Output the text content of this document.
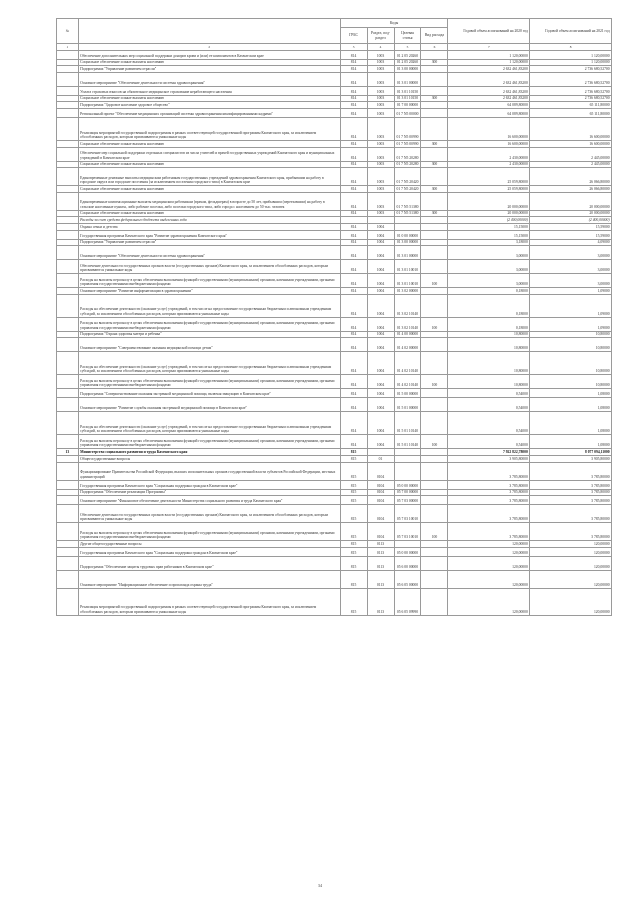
№		Коды				Годовой объем ассигнований на 2020 год	Годовой объем ассигнований на 2021 год
		ГРБС	Раздел, под-раздел	Целевая статья	Вид расхода		
1	2	3	4	5	6	7	8
	Обеспечение дополнительных мер социальной поддержки доноров крови и (или) ее компонентов в Камчатском крае	814	1003	01 2 05 20260		1 120,00000	1 120,00000
	Социальное обеспечение и иные выплаты населению	814	1003	01 2 05 20260	300	1 120,00000	1 120,00000
	Подпрограмма "Управление развитием отрасли"	814	1003	01 3 00 00000		2 632 461,83200	2 736 680,52700
	Основное мероприятие "Обеспечение деятельности системы здравоохранения"	814	1003	01 3 01 00000		2 632 461,83200	2 736 680,52700
	Уплата страховых взносов на обязательное медицинское страхование неработающего населения	814	1003	01 3 01 10150		2 632 461,83200	2 736 680,52700
	Социальное обеспечение и иные выплаты населению	814	1003	01 3 01 10150	300	2 632 461,83200	2 736 680,52700
	Подпрограмма "Здоровое население здоровое общество"	814	1003	01 7 00 00000		64 089,80000	65 111,80000
	Региональный проект "Обеспечение медицинских организаций системы здравоохранения квалифицированными кадрами"	814	1003	01 7 N5 00000		64 089,80000	65 111,80000
	Реализация мероприятий государственной подпрограммы в рамках соответствующей государственной программы Камчатского края, за исключением обособленных расходов, которым присваиваются уникальные коды	814	1003	01 7 N5 00990		16 600,00000	16 600,00000
	Социальное обеспечение и иные выплаты населению	814	1003	01 7 N5 00990	300	16 600,00000	16 600,00000
	Обеспечение мер социальной поддержки отдельных специалистов из числа учителей и врачей государственных учреждений Камчатского края и муниципальных учреждений в Камчатском крае	814	1003	01 7 N5 20280		2 430,00000	2 445,00000
	Социальное обеспечение и иные выплаты населению	814	1003	01 7 N5 20280	300	2 430,00000	2 445,00000
	Единовременные денежные выплаты медицинским работникам государственных учреждений здравоохранения Камчатского края, прибывшим на работу в городские округа или городские поселения (за исключением поселения городского типа) в Камчатском крае	814	1003	01 7 N5 20420		25 059,80000	26 066,80000
	Социальное обеспечение и иные выплаты населению	814	1003	01 7 N5 20420	300	25 059,80000	26 066,80000
	Единовременные компенсационные выплаты медицинским работникам (врачам, фельдшерам) в возрасте до 50 лет, прибывшим (переехавшим) на работу в сельские населенные пункты, либо рабочие поселки, либо поселки городского типа, либо города с населением до 50 тыс. человек	814	1003	01 7 N5 51380		20 000,00000	20 000,00000
	Социальное обеспечение и иные выплаты населению	814	1003	01 7 N5 51380	300	20 000,00000	20 000,00000
	Расходы за счет средств федерального бюджета выделенных года					(2 400,00000)	(2 400,00000)
	Охрана семьи и детства	814	1004			15,15000	15,59000
	Государственная программа Камчатского края "Развитие здравоохранения Камчатского края"	814	1004	01 0 00 00000		15,15000	15,59000
	Подпрограмма "Управление развитием отрасли"	814	1004	01 3 00 00000		3,18000	4,09000
	Основное мероприятие "Обеспечение деятельности системы здравоохранения"	814	1004	01 3 01 00000		3,00000	3,00000
	Обеспечение деятельности государственных органов власти (государственных органов) Камчатского края, за исключением обособленных расходов, которым присваиваются уникальные коды	814	1004	01 3 01 10010		3,00000	3,00000
	Расходы на выплаты персоналу в целях обеспечения выполнения функций государственными (муниципальными) органами, казенными учреждениями, органами управления государственными внебюджетными фондами	814	1004	01 3 01 10010	100	3,00000	3,00000
	Основное мероприятие "Развитие информатизации в здравоохранении"	814	1004	01 3 02 00000		0,18000	1,09000
	Расходы на обеспечение деятельности (оказание услуг) учреждений, в том числе на предоставление государственным бюджетным и автономным учреждениям субсидий, за исключением обособленных расходов, которым присваиваются уникальные коды	814	1004	01 3 02 10140		0,18000	1,09000
	Расходы на выплаты персоналу в целях обеспечения выполнения функций государственными (муниципальными) органами, казенными учреждениями, органами управления государственными внебюджетными фондами	814	1004	01 3 02 10140	100	0,18000	1,09000
	Подпрограмма "Охрана здоровья матери и ребенка"	814	1004	01 4 00 00000		10,80000	10,80000
	Основное мероприятие "Совершенствование оказания медицинской помощи детям"	814	1004	01 4 02 00000		10,80000	10,80000
	Расходы на обеспечение деятельности (оказание услуг) учреждений, в том числе на предоставление государственным бюджетным и автономным учреждениям субсидий, за исключением обособленных расходов, которым присваиваются уникальные коды	814	1004	01 4 02 10140		10,80000	10,80000
	Расходы на выплаты персоналу в целях обеспечения выполнения функций государственными (муниципальными) органами, казенными учреждениями, органами управления государственными внебюджетными фондами	814	1004	01 4 02 10140	100	10,80000	10,80000
	Подпрограмма "Совершенствование оказания экстренной медицинской помощи, включая эвакуацию в Камчатском крае"	814	1004	01 5 00 00000		0,54000	1,08000
	Основное мероприятие "Развитие службы оказания экстренной медицинской помощи в Камчатском крае"	814	1004	01 5 01 00000		0,54000	1,08000
	Расходы на обеспечение деятельности (оказание услуг) учреждений, в том числе на предоставление государственным бюджетным и автономным учреждениям субсидий, за исключением обособленных расходов, которым присваиваются уникальные коды	814	1004	01 5 01 10140		0,54000	1,08000
	Расходы на выплаты персоналу в целях обеспечения выполнения функций государственными (муниципальными) органами, казенными учреждениями, органами управления государственными внебюджетными фондами	814	1004	01 5 01 10140	100	0,54000	1,08000
13	Министерство социального развития и труда Камчатского края	815				7 922 822,78000	8 077 094,11000
	Общегосударственные вопросы	815	01			3 905,80000	3 905,80000
	Функционирование Правительства Российской Федерации, высших исполнительных органов государственной власти субъектов Российской Федерации, местных администраций	815	0104			3 785,80000	3 785,80000
	Государственная программа Камчатского края "Социальная поддержка граждан в Камчатском крае"	815	0104	05 0 00 00000		3 785,80000	3 785,80000
	Подпрограмма "Обеспечение реализации Программы"	815	0104	05 7 00 00000		3 785,80000	3 785,80000
	Основное мероприятие "Финансовое обеспечение деятельности Министерства социального развития и труда Камчатского края"	815	0104	05 7 03 00000		3 785,80000	3 785,80000
	Обеспечение деятельности государственных органов власти (государственных органов) Камчатского края, за исключением обособленных расходов, которым присваиваются уникальные коды	815	0104	05 7 03 10010		3 785,80000	3 785,80000
	Расходы на выплаты персоналу в целях обеспечения выполнения функций государственными (муниципальными) органами, казенными учреждениями, органами управления государственными внебюджетными фондами	815	0104	05 7 03 10010	100	3 785,80000	3 785,80000
	Другие общегосударственные вопросы	815	0113			120,00000	120,00000
	Государственная программа Камчатского края "Социальная поддержка граждан в Камчатском крае"	815	0113	05 0 00 00000		120,00000	120,00000
	Подпрограмма "Обеспечение защиты трудовых прав работников в Камчатском крае"	815	0113	05 6 00 00000		120,00000	120,00000
	Основное мероприятие "Информационное обеспечение и пропаганда охраны труда"	815	0113	05 6 05 00000		120,00000	120,00000
	Реализация мероприятий государственной подпрограммы в рамках соответствующей государственной программы Камчатского края, за исключением обособленных расходов, которым присваиваются уникальные коды	815	0113	05 6 05 09990		120,00000	120,00000
34
